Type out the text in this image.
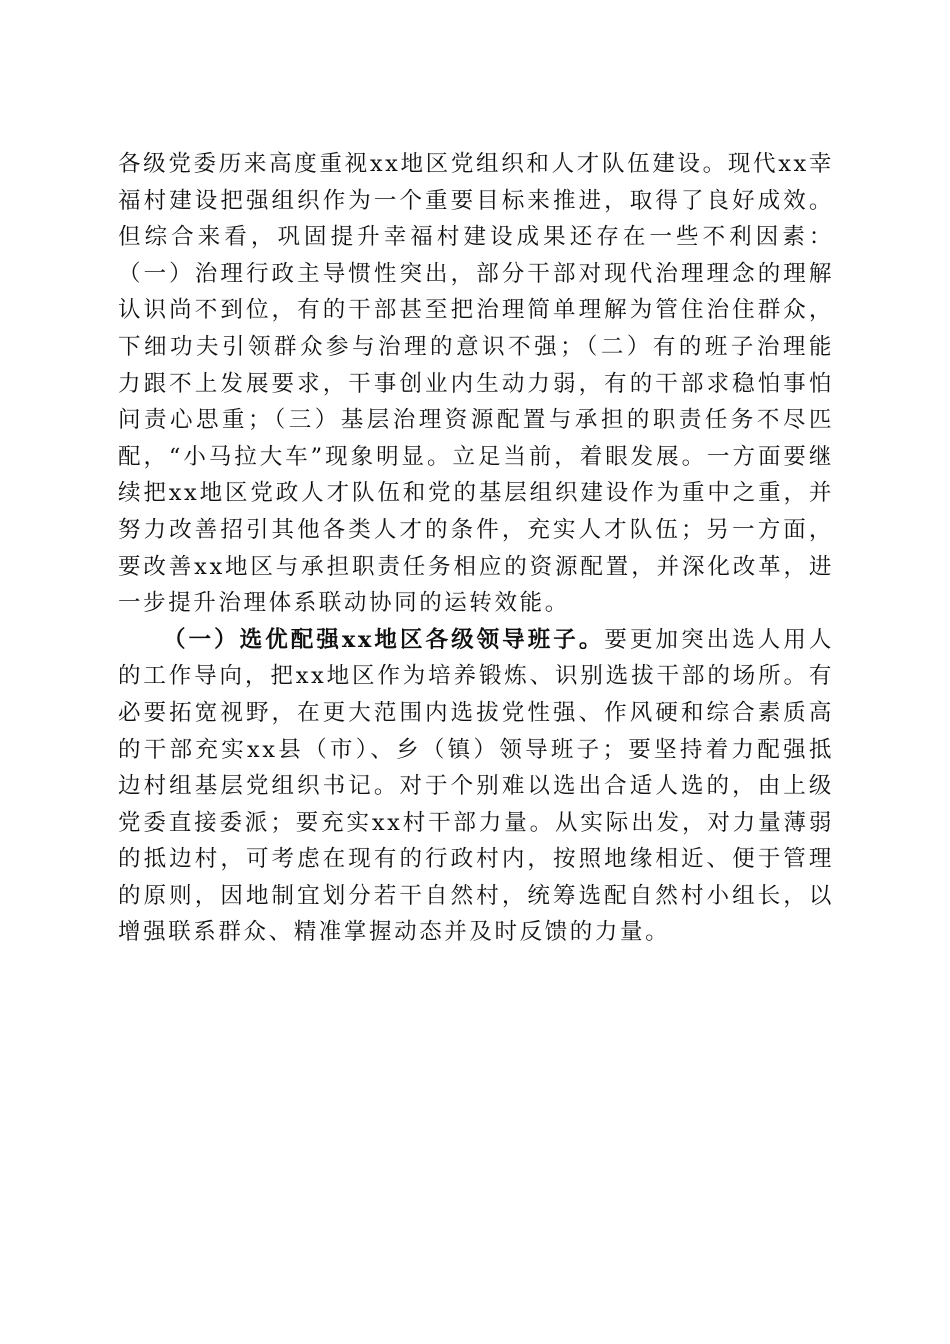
各级党委历来高度重视xx地区党组织和人才队伍建设。现代xx幸福村建设把强组织作为一个重要目标来推进，取得了良好成效。但综合来看，巩固提升幸福村建设成果还存在一些不利因素：（一）治理行政主导惯性突出，部分干部对现代治理理念的理解认识尚不到位，有的干部甚至把治理简单理解为管住治住群众，下细功夫引领群众参与治理的意识不强；（二）有的班子治理能力跟不上发展要求，干事创业内生动力弱，有的干部求稳怕事怕问责心思重；（三）基层治理资源配置与承担的职责任务不尽匹配，“小马拉大车”现象明显。立足当前，着眼发展。一方面要继续把xx地区党政人才队伍和党的基层组织建设作为重中之重，并努力改善招引其他各类人才的条件，充实人才队伍；另一方面，要改善xx地区与承担职责任务相应的资源配置，并深化改革，进一步提升治理体系联动协同的运转效能。

（一）选优配强xx地区各级领导班子。要更加突出选人用人的工作导向，把xx地区作为培养锻炼、识别选拔干部的场所。有必要拓宽视野，在更大范围内选拔党性强、作风硬和综合素质高的干部充实xx县（市）、乡（镇）领导班子；要坚持着力配强抵边村组基层党组织书记。对于个别难以选出合适人选的，由上级党委直接委派；要充实xx村干部力量。从实际出发，对力量薄弱的抵边村，可考虑在现有的行政村内，按照地缘相近、便于管理的原则，因地制宜划分若干自然村，统筹选配自然村小组长，以增强联系群众、精准掌握动态并及时反馈的力量。
